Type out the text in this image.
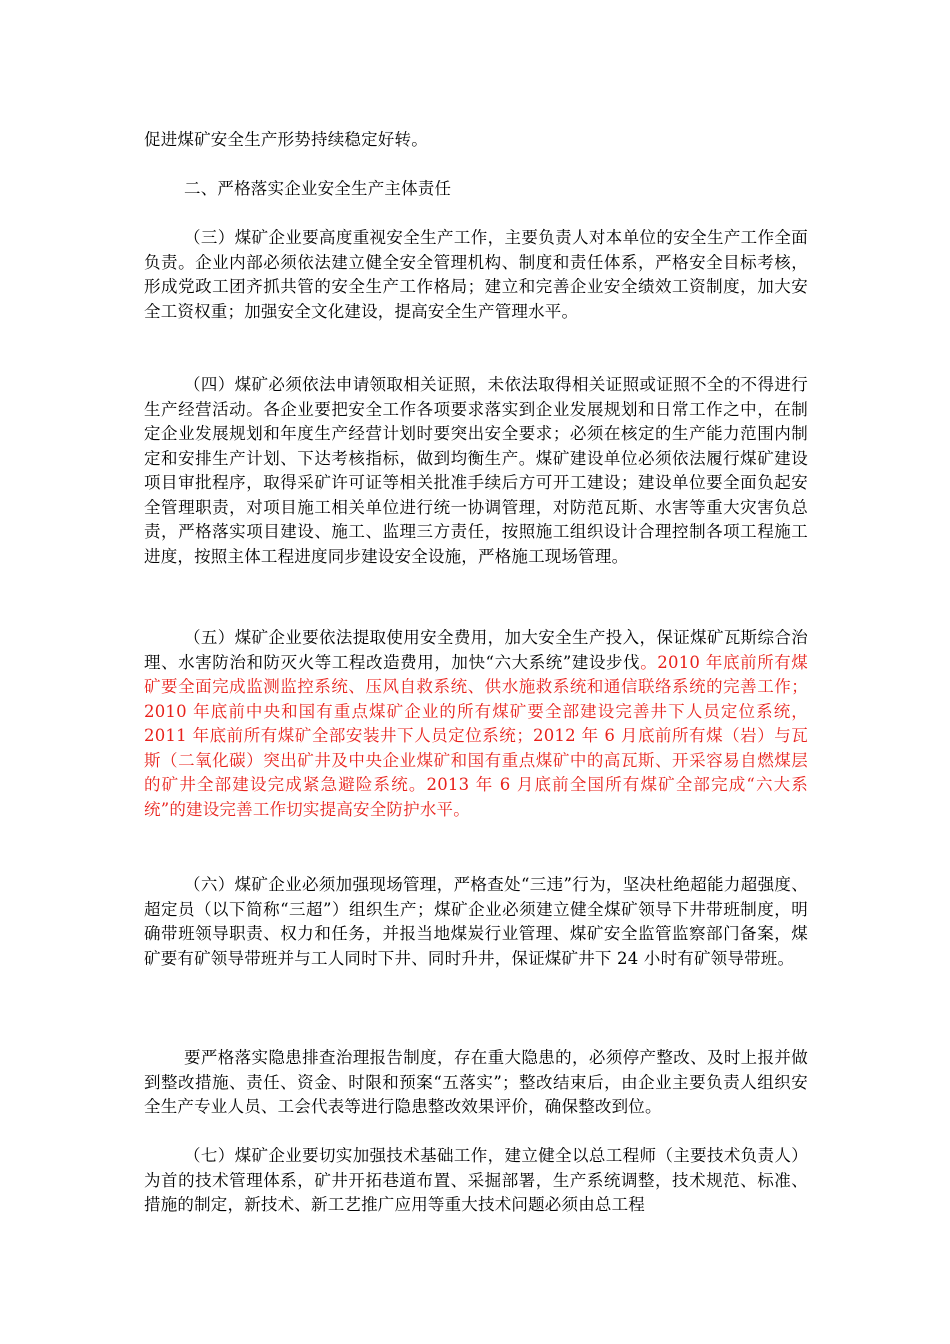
促进煤矿安全生产形势持续稳定好转。

二、严格落实企业安全生产主体责任

（三）煤矿企业要高度重视安全生产工作，主要负责人对本单位的安全生产工作全面负责。企业内部必须依法建立健全安全管理机构、制度和责任体系，严格安全目标考核，形成党政工团齐抓共管的安全生产工作格局；建立和完善企业安全绩效工资制度，加大安全工资权重；加强安全文化建设，提高安全生产管理水平。

（四）煤矿必须依法申请领取相关证照，未依法取得相关证照或证照不全的不得进行生产经营活动。各企业要把安全工作各项要求落实到企业发展规划和日常工作之中，在制定企业发展规划和年度生产经营计划时要突出安全要求；必须在核定的生产能力范围内制定和安排生产计划、下达考核指标，做到均衡生产。煤矿建设单位必须依法履行煤矿建设项目审批程序，取得采矿许可证等相关批准手续后方可开工建设；建设单位要全面负起安全管理职责，对项目施工相关单位进行统一协调管理，对防范瓦斯、水害等重大灾害负总责，严格落实项目建设、施工、监理三方责任，按照施工组织设计合理控制各项工程施工进度，按照主体工程进度同步建设安全设施，严格施工现场管理。

（五）煤矿企业要依法提取使用安全费用，加大安全生产投入，保证煤矿瓦斯综合治理、水害防治和防灭火等工程改造费用，加快“六大系统”建设步伐。2010 年底前所有煤矿要全面完成监测监控系统、压风自救系统、供水施救系统和通信联络系统的完善工作；2010 年底前中央和国有重点煤矿企业的所有煤矿要全部建设完善井下人员定位系统，2011 年底前所有煤矿全部安装井下人员定位系统；2012 年 6 月底前所有煤（岩）与瓦斯（二氧化碳）突出矿井及中央企业煤矿和国有重点煤矿中的高瓦斯、开采容易自燃煤层的矿井全部建设完成紧急避险系统。2013 年 6 月底前全国所有煤矿全部完成“六大系统”的建设完善工作切实提高安全防护水平。

（六）煤矿企业必须加强现场管理，严格查处“三违”行为，坚决杜绝超能力超强度、超定员（以下简称“三超”）组织生产；煤矿企业必须建立健全煤矿领导下井带班制度，明确带班领导职责、权力和任务，并报当地煤炭行业管理、煤矿安全监管监察部门备案，煤矿要有矿领导带班并与工人同时下井、同时升井，保证煤矿井下 24 小时有矿领导带班。

要严格落实隐患排查治理报告制度，存在重大隐患的，必须停产整改、及时上报并做到整改措施、责任、资金、时限和预案“五落实”；整改结束后，由企业主要负责人组织安全生产专业人员、工会代表等进行隐患整改效果评价，确保整改到位。

（七）煤矿企业要切实加强技术基础工作，建立健全以总工程师（主要技术负责人）为首的技术管理体系，矿井开拓巷道布置、采掘部署，生产系统调整，技术规范、标准、措施的制定，新技术、新工艺推广应用等重大技术问题必须由总工程
